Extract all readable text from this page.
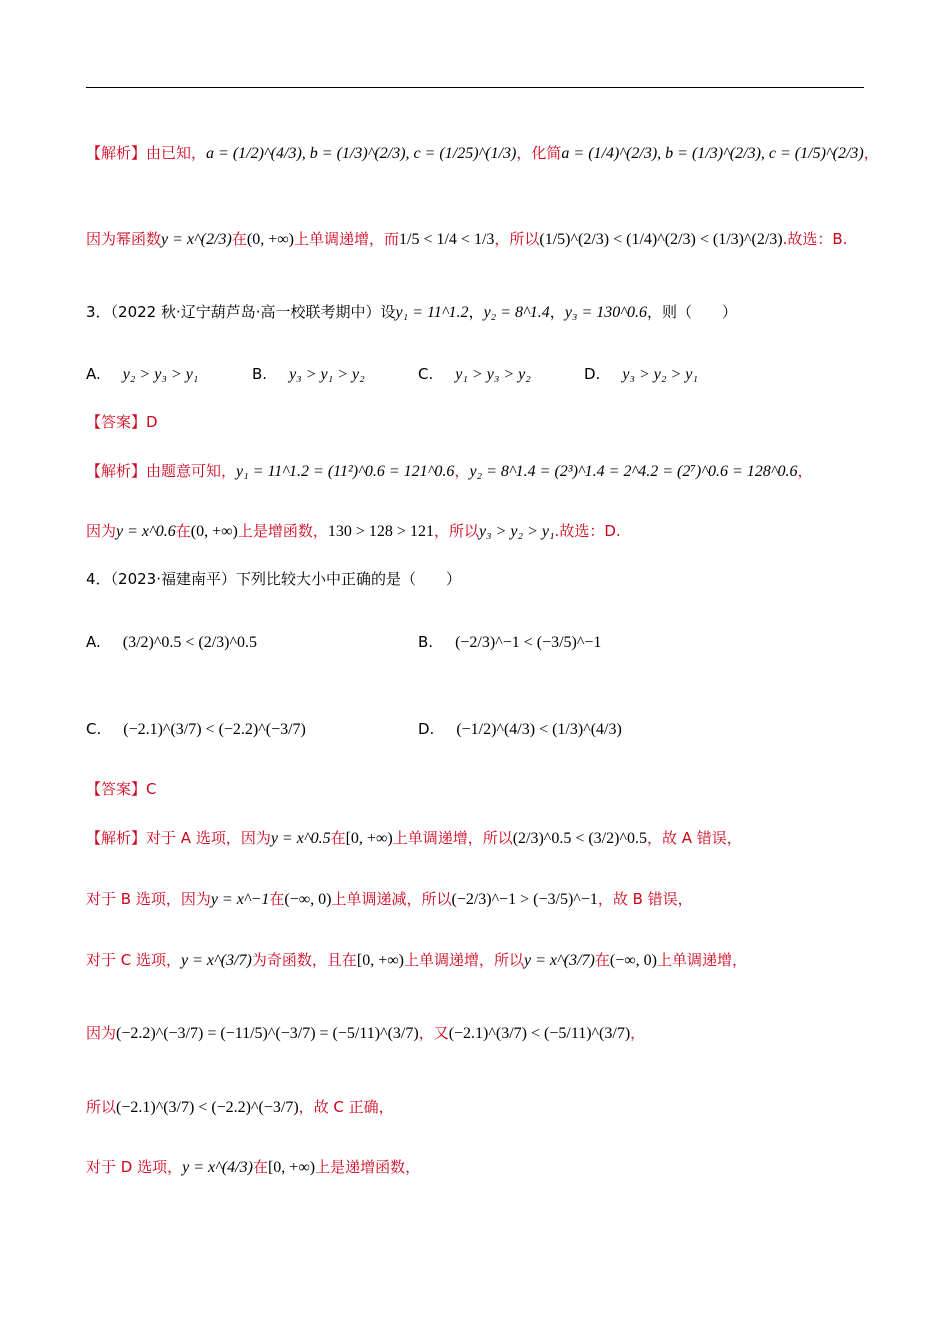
【解析】由已知，a = (1/2)^(4/3), b = (1/3)^(2/3), c = (1/25)^(1/3)，化简a = (1/4)^(2/3), b = (1/3)^(2/3), c = (1/5)^(2/3)，
因为幂函数y = x^(2/3)在(0, +∞)上单调递增，而1/5 < 1/4 < 1/3，所以(1/5)^(2/3) < (1/4)^(2/3) < (1/3)^(2/3).故选：B.
3．（2022 秋·辽宁葫芦岛·高一校联考期中）设y₁ = 11^1.2，y₂ = 8^1.4，y₃ = 130^0.6，则（　　）
A. y₂ > y₃ > y₁	B. y₃ > y₁ > y₂	C. y₁ > y₃ > y₂	D. y₃ > y₂ > y₁
【答案】D
【解析】由题意可知，y₁ = 11^1.2 = (11²)^0.6 = 121^0.6，y₂ = 8^1.4 = (2³)^1.4 = 2^4.2 = (2⁷)^0.6 = 128^0.6，
因为y = x^0.6在(0, +∞)上是增函数，130 > 128 > 121，所以y₃ > y₂ > y₁.故选：D.
4．（2023·福建南平）下列比较大小中正确的是（　　）
A. (3/2)^0.5 < (2/3)^0.5	B. (−2/3)^−1 < (−3/5)^−1
C. (−2.1)^(3/7) < (−2.2)^(−3/7)	D. (−1/2)^(4/3) < (1/3)^(4/3)
【答案】C
【解析】对于 A 选项，因为y = x^0.5在[0, +∞)上单调递增，所以(2/3)^0.5 < (3/2)^0.5，故 A 错误，
对于 B 选项，因为y = x^−1在(−∞, 0)上单调递减，所以(−2/3)^−1 > (−3/5)^−1，故 B 错误，
对于 C 选项，y = x^(3/7)为奇函数，且在[0, +∞)上单调递增，所以y = x^(3/7)在(−∞, 0)上单调递增，
因为(−2.2)^(−3/7) = (−11/5)^(−3/7) = (−5/11)^(3/7)，又(−2.1)^(3/7) < (−5/11)^(3/7)，
所以(−2.1)^(3/7) < (−2.2)^(−3/7)，故 C 正确，
对于 D 选项，y = x^(4/3)在[0, +∞)上是递增函数，
